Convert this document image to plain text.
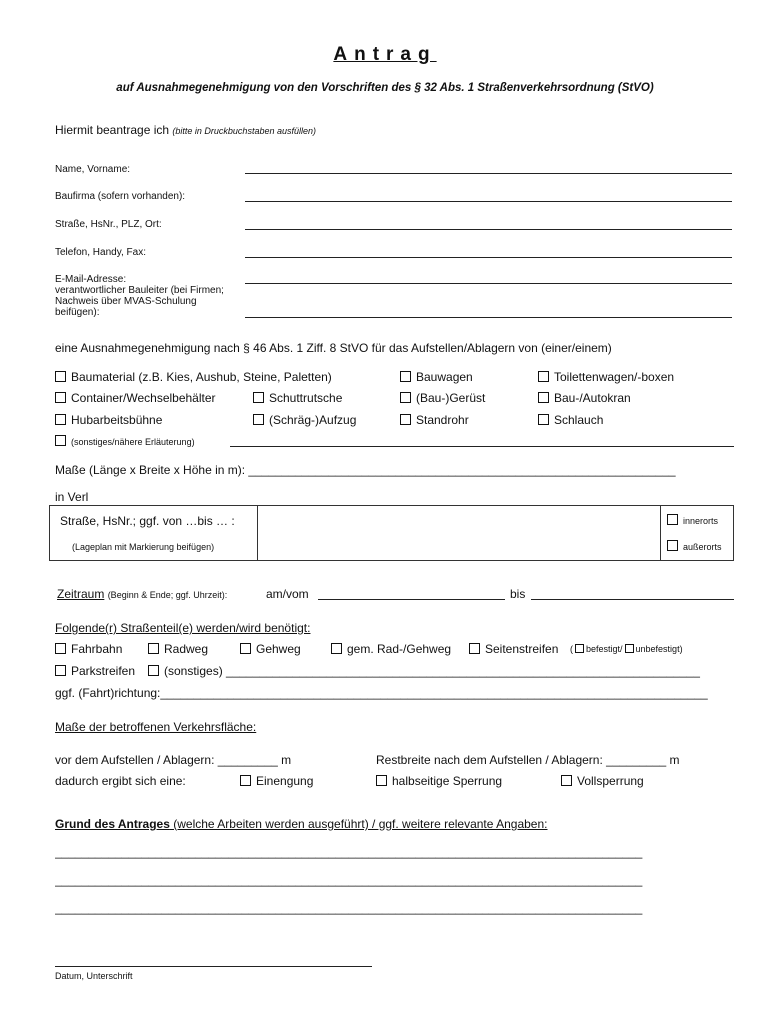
Antrag
auf Ausnahmegenehmigung von den Vorschriften des § 32 Abs. 1 Straßenverkehrsordnung (StVO)
Hiermit beantrage ich (bitte in Druckbuchstaben ausfüllen)
Name, Vorname:
Baufirma (sofern vorhanden):
Straße, HsNr., PLZ, Ort:
Telefon, Handy, Fax:
E-Mail-Adresse:
verantwortlicher Bauleiter (bei Firmen;
Nachweis über MVAS-Schulung
beifügen):
eine Ausnahmegenehmigung nach § 46 Abs. 1 Ziff. 8 StVO für das Aufstellen/Ablagern von (einer/einem)
Baumaterial (z.B. Kies, Aushub, Steine, Paletten)	Bauwagen	Toilettenwagen/-boxen
Container/Wechselbehälter	Schuttrutsche	(Bau-)Gerüst	Bau-/Autokran
Hubarbeitsbühne	(Schräg-)Aufzug	Standrohr	Schlauch
(sonstiges/nähere Erläuterung)
Maße (Länge x Breite x Höhe in m): ________________________________________________________________
in Verl
Straße, HsNr.; ggf. von …bis … :
(Lageplan mit Markierung beifügen)
innerorts
außerorts
Zeitraum (Beginn & Ende; ggf. Uhrzeit):	am/vom	bis
Folgende(r) Straßenteil(e) werden/wird benötigt:
Fahrbahn	Radweg	Gehweg	gem. Rad-/Gehweg	Seitenstreifen ( befestigt/ unbefestigt)
Parkstreifen	(sonstiges) _______________________________________________________________________
ggf. (Fahrt)richtung:__________________________________________________________________________________
Maße der betroffenen Verkehrsfläche:
vor dem Aufstellen / Ablagern: _________ m	Restbreite nach dem Aufstellen / Ablagern: _________ m
dadurch ergibt sich eine:	Einengung	halbseitige Sperrung	Vollsperrung
Grund des Antrages (welche Arbeiten werden ausgeführt) / ggf. weitere relevante Angaben:
________________________________________________________________________________________
________________________________________________________________________________________
________________________________________________________________________________________
Datum, Unterschrift
